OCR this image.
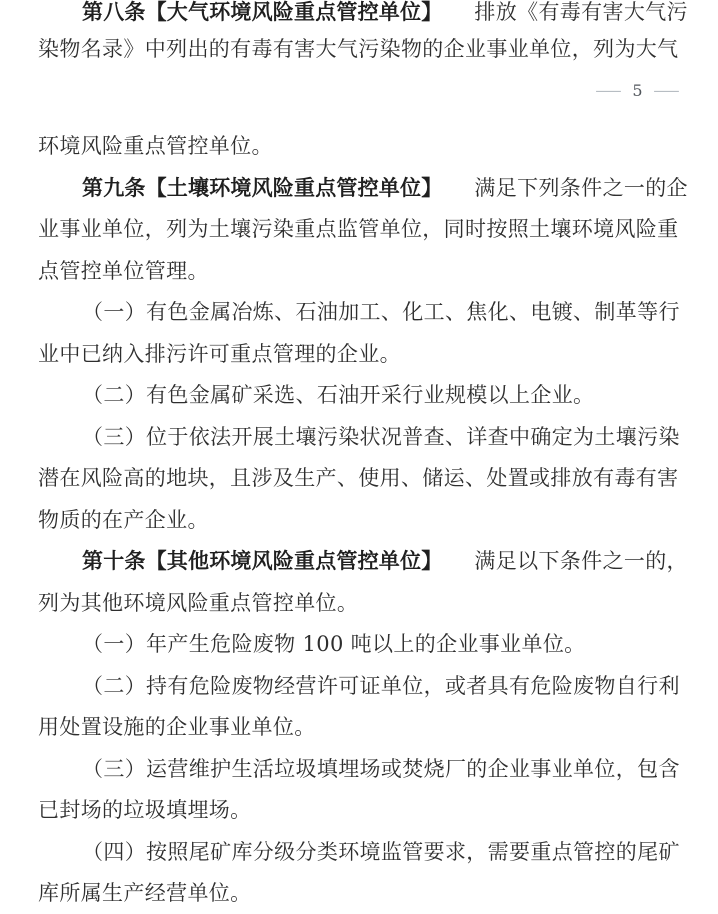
第八条【大气环境风险重点管控单位】 排放《有毒有害大气污
染物名录》中列出的有毒有害大气污染物的企业事业单位，列为大气
— 5 —
环境风险重点管控单位。
第九条【土壤环境风险重点管控单位】 满足下列条件之一的企
业事业单位，列为土壤污染重点监管单位，同时按照土壤环境风险重
点管控单位管理。
（一）有色金属冶炼、石油加工、化工、焦化、电镀、制革等行
业中已纳入排污许可重点管理的企业。
（二）有色金属矿采选、石油开采行业规模以上企业。
（三）位于依法开展土壤污染状况普查、详查中确定为土壤污染
潜在风险高的地块，且涉及生产、使用、储运、处置或排放有毒有害
物质的在产企业。
第十条【其他环境风险重点管控单位】 满足以下条件之一的，
列为其他环境风险重点管控单位。
（一）年产生危险废物 100 吨以上的企业事业单位。
（二）持有危险废物经营许可证单位，或者具有危险废物自行利
用处置设施的企业事业单位。
（三）运营维护生活垃圾填埋场或焚烧厂的企业事业单位，包含
已封场的垃圾填埋场。
（四）按照尾矿库分级分类环境监管要求，需要重点管控的尾矿
库所属生产经营单位。
